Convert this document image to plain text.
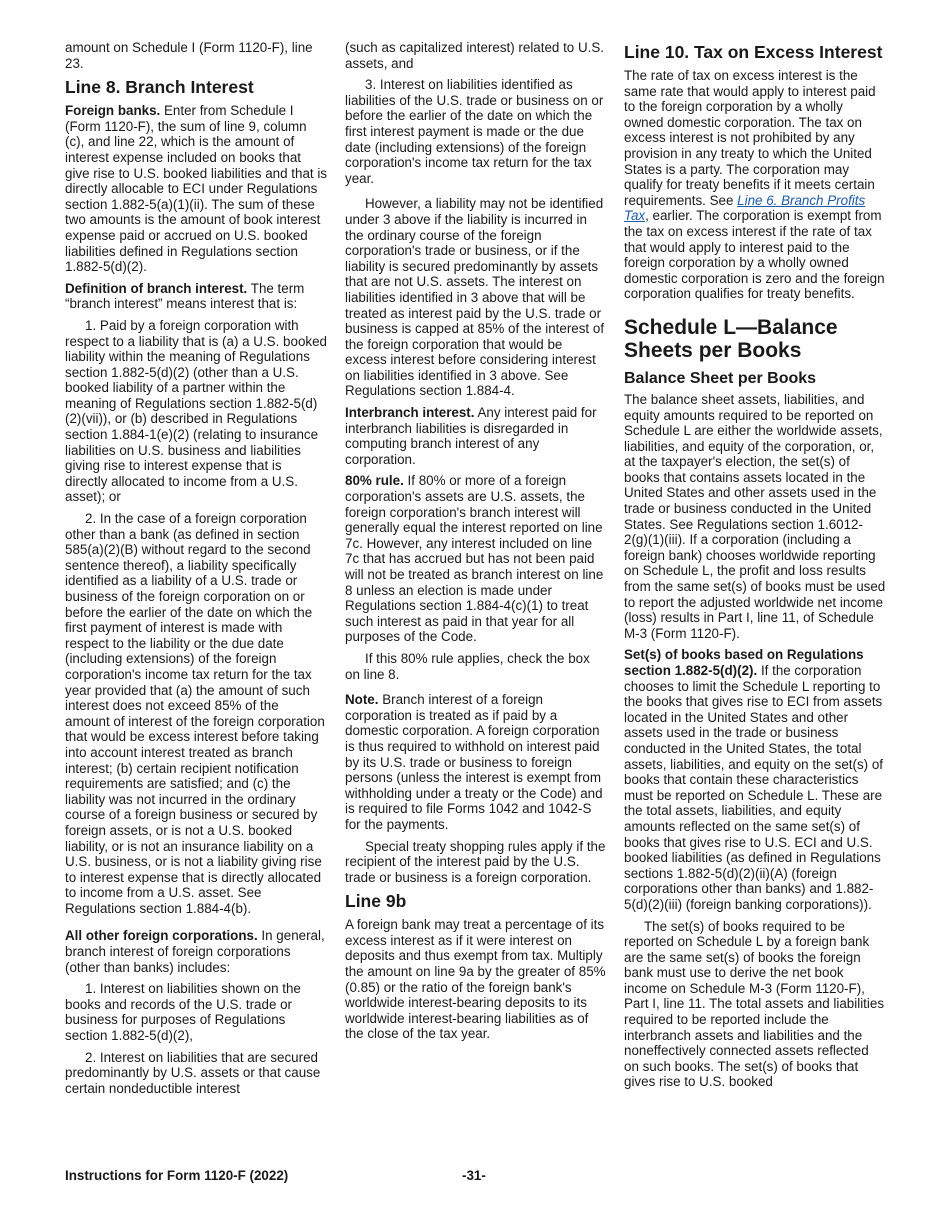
amount on Schedule I (Form 1120-F), line 23.

Line 8. Branch Interest

Foreign banks. Enter from Schedule I (Form 1120-F), the sum of line 9, column (c), and line 22, which is the amount of interest expense included on books that give rise to U.S. booked liabilities and that is directly allocable to ECI under Regulations section 1.882-5(a)(1)(ii). The sum of these two amounts is the amount of book interest expense paid or accrued on U.S. booked liabilities defined in Regulations section 1.882-5(d)(2).

Definition of branch interest. The term “branch interest” means interest that is:

1. Paid by a foreign corporation with respect to a liability that is (a) a U.S. booked liability within the meaning of Regulations section 1.882-5(d)(2) (other than a U.S. booked liability of a partner within the meaning of Regulations section 1.882-5(d)(2)(vii)), or (b) described in Regulations section 1.884-1(e)(2) (relating to insurance liabilities on U.S. business and liabilities giving rise to interest expense that is directly allocated to income from a U.S. asset); or

2. In the case of a foreign corporation other than a bank (as defined in section 585(a)(2)(B) without regard to the second sentence thereof), a liability specifically identified as a liability of a U.S. trade or business of the foreign corporation on or before the earlier of the date on which the first payment of interest is made with respect to the liability or the due date (including extensions) of the foreign corporation's income tax return for the tax year provided that (a) the amount of such interest does not exceed 85% of the amount of interest of the foreign corporation that would be excess interest before taking into account interest treated as branch interest; (b) certain recipient notification requirements are satisfied; and (c) the liability was not incurred in the ordinary course of a foreign business or secured by foreign assets, or is not a U.S. booked liability, or is not an insurance liability on a U.S. business, or is not a liability giving rise to interest expense that is directly allocated to income from a U.S. asset. See Regulations section 1.884-4(b).

All other foreign corporations. In general, branch interest of foreign corporations (other than banks) includes:

1. Interest on liabilities shown on the books and records of the U.S. trade or business for purposes of Regulations section 1.882-5(d)(2),

2. Interest on liabilities that are secured predominantly by U.S. assets or that cause certain nondeductible interest

(such as capitalized interest) related to U.S. assets, and

3. Interest on liabilities identified as liabilities of the U.S. trade or business on or before the earlier of the date on which the first interest payment is made or the due date (including extensions) of the foreign corporation's income tax return for the tax year.

However, a liability may not be identified under 3 above if the liability is incurred in the ordinary course of the foreign corporation's trade or business, or if the liability is secured predominantly by assets that are not U.S. assets. The interest on liabilities identified in 3 above that will be treated as interest paid by the U.S. trade or business is capped at 85% of the interest of the foreign corporation that would be excess interest before considering interest on liabilities identified in 3 above. See Regulations section 1.884-4.

Interbranch interest. Any interest paid for interbranch liabilities is disregarded in computing branch interest of any corporation.

80% rule. If 80% or more of a foreign corporation's assets are U.S. assets, the foreign corporation's branch interest will generally equal the interest reported on line 7c. However, any interest included on line 7c that has accrued but has not been paid will not be treated as branch interest on line 8 unless an election is made under Regulations section 1.884-4(c)(1) to treat such interest as paid in that year for all purposes of the Code.

If this 80% rule applies, check the box on line 8.

Note. Branch interest of a foreign corporation is treated as if paid by a domestic corporation. A foreign corporation is thus required to withhold on interest paid by its U.S. trade or business to foreign persons (unless the interest is exempt from withholding under a treaty or the Code) and is required to file Forms 1042 and 1042-S for the payments.

Special treaty shopping rules apply if the recipient of the interest paid by the U.S. trade or business is a foreign corporation.

Line 9b

A foreign bank may treat a percentage of its excess interest as if it were interest on deposits and thus exempt from tax. Multiply the amount on line 9a by the greater of 85% (0.85) or the ratio of the foreign bank's worldwide interest-bearing deposits to its worldwide interest-bearing liabilities as of the close of the tax year.

Line 10. Tax on Excess Interest

The rate of tax on excess interest is the same rate that would apply to interest paid to the foreign corporation by a wholly owned domestic corporation. The tax on excess interest is not prohibited by any provision in any treaty to which the United States is a party. The corporation may qualify for treaty benefits if it meets certain requirements. See Line 6. Branch Profits Tax, earlier. The corporation is exempt from the tax on excess interest if the rate of tax that would apply to interest paid to the foreign corporation by a wholly owned domestic corporation is zero and the foreign corporation qualifies for treaty benefits.

Schedule L—Balance Sheets per Books
Balance Sheet per Books

The balance sheet assets, liabilities, and equity amounts required to be reported on Schedule L are either the worldwide assets, liabilities, and equity of the corporation, or, at the taxpayer's election, the set(s) of books that contains assets located in the United States and other assets used in the trade or business conducted in the United States. See Regulations section 1.6012-2(g)(1)(iii). If a corporation (including a foreign bank) chooses worldwide reporting on Schedule L, the profit and loss results from the same set(s) of books must be used to report the adjusted worldwide net income (loss) results in Part I, line 11, of Schedule M-3 (Form 1120-F).

Set(s) of books based on Regulations section 1.882-5(d)(2). If the corporation chooses to limit the Schedule L reporting to the books that gives rise to ECI from assets located in the United States and other assets used in the trade or business conducted in the United States, the total assets, liabilities, and equity on the set(s) of books that contain these characteristics must be reported on Schedule L. These are the total assets, liabilities, and equity amounts reflected on the same set(s) of books that gives rise to U.S. ECI and U.S. booked liabilities (as defined in Regulations sections 1.882-5(d)(2)(ii)(A) (foreign corporations other than banks) and 1.882-5(d)(2)(iii) (foreign banking corporations)).

The set(s) of books required to be reported on Schedule L by a foreign bank are the same set(s) of books the foreign bank must use to derive the net book income on Schedule M-3 (Form 1120-F), Part I, line 11. The total assets and liabilities required to be reported include the interbranch assets and liabilities and the noneffectively connected assets reflected on such books. The set(s) of books that gives rise to U.S. booked

Instructions for Form 1120-F (2022)	-31-
